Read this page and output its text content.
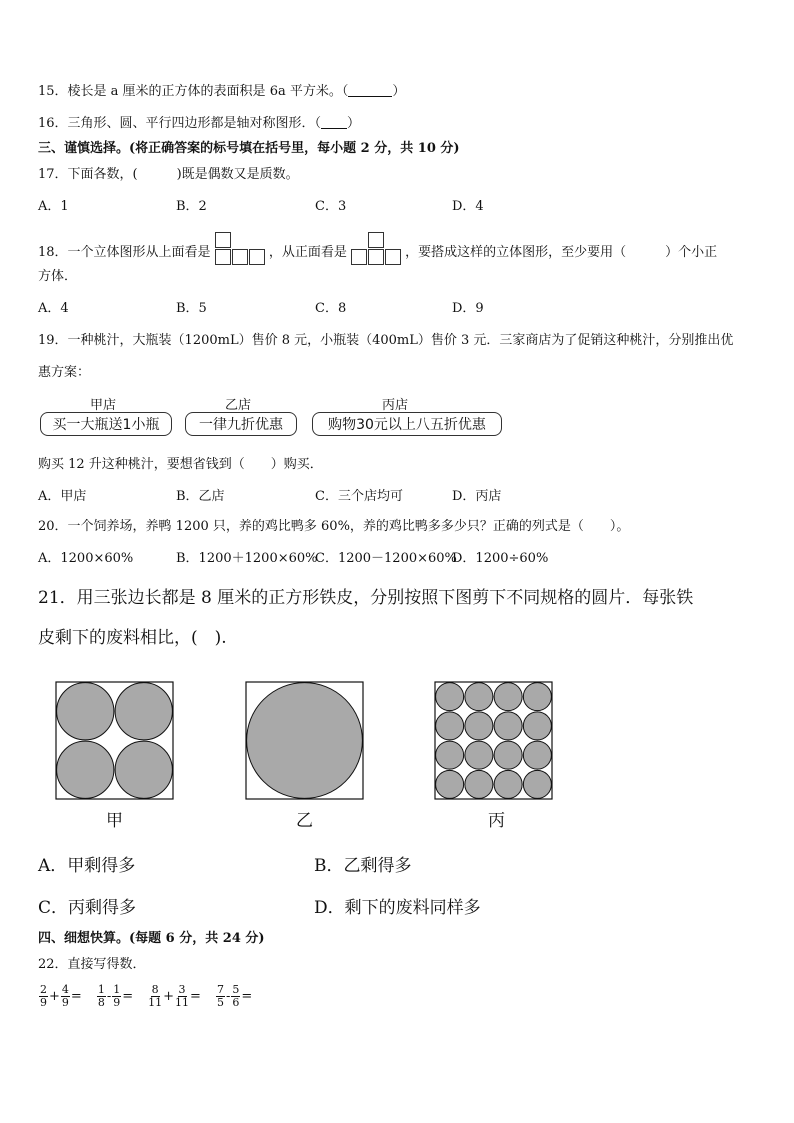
15．棱长是 a 厘米的正方体的表面积是 6a 平方米。（	）
16．三角形、圆、平行四边形都是轴对称图形．（ ）
三、谨慎选择。(将正确答案的标号填在括号里，每小题 2 分，共 10 分)
17．下面各数，(　　　)既是偶数又是质数。
A．1	B．2	C．3	D．4
18．一个立体图形从上面看是	，从正面看是	，要搭成这样的立体图形，至少要用（　　　）个小正
方体．
A．4	B．5	C．8	D．9
19．一种桃汁，大瓶装（1200mL）售价 8 元，小瓶装（400mL）售价 3 元．三家商店为了促销这种桃汁，分别推出优
惠方案：
甲店	乙店	丙店
买一大瓶送1小瓶	一律九折优惠	购物30元以上八五折优惠
购买 12 升这种桃汁，要想省钱到（　　）购买．
A．甲店	B．乙店	C．三个店均可	D．丙店
20．一个饲养场，养鸭 1200 只，养的鸡比鸭多 60%，养的鸡比鸭多多少只？正确的列式是（　　）。
A．1200×60%	B．1200＋1200×60%
C．1200－1200×60%
D．1200÷60%
21．用三张边长都是 8 厘米的正方形铁皮，分别按照下图剪下不同规格的圆片．每张铁
皮剩下的废料相比，(　).
甲	乙	丙
A．甲剩得多	B．乙剩得多
C．丙剩得多	D．剩下的废料同样多
四、细想快算。(每题 6 分，共 24 分)
22．直接写得数．
$\frac{2}{9} + \frac{4}{9} = \frac{1}{8} - \frac{1}{9} = \frac{8}{11} + \frac{3}{11} = \frac{7}{5} - \frac{5}{6}$ =
